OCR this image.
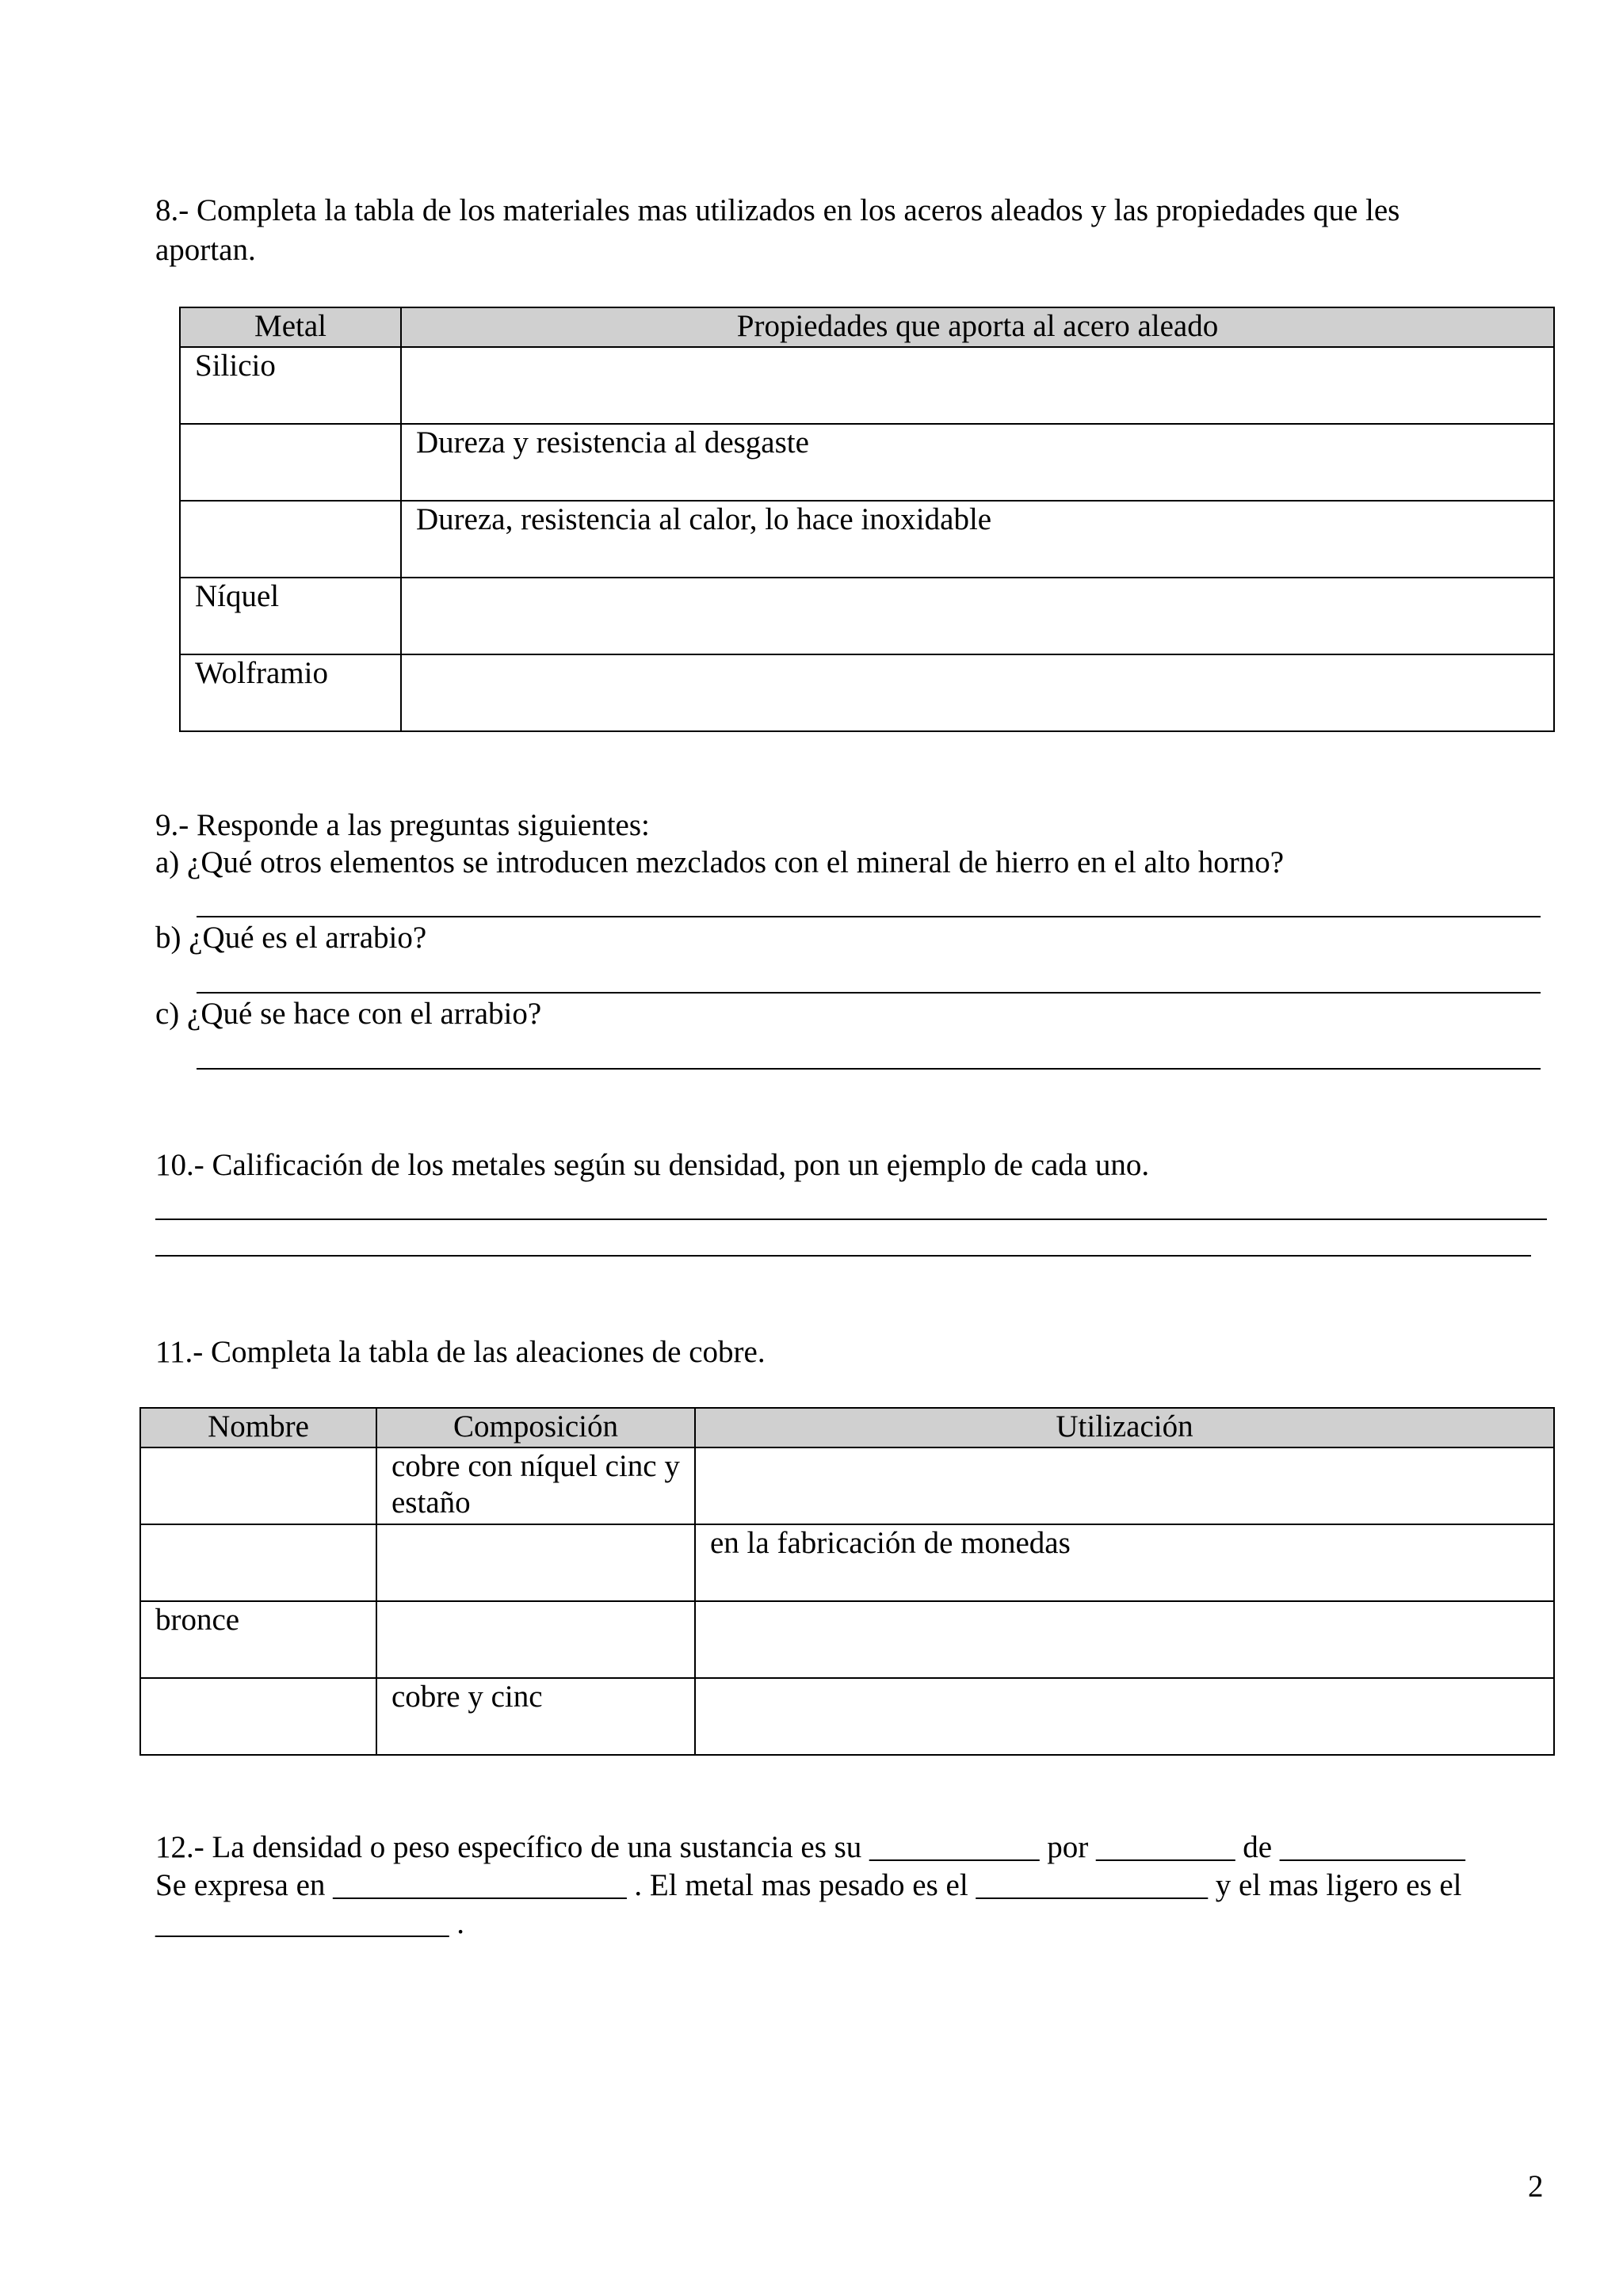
8.- Completa la tabla de los materiales mas utilizados en los aceros aleados y las propiedades que les

aportan.

Metal	Propiedades que aporta al acero aleado
Silicio	
	Dureza y resistencia al desgaste
	Dureza, resistencia al calor, lo hace inoxidable
Níquel	
Wolframio	

9.- Responde a las preguntas siguientes:

a) ¿Qué otros elementos se introducen mezclados con el mineral de hierro en el alto horno?

b) ¿Qué es el arrabio?

c) ¿Qué se hace con el arrabio?

10.- Calificación de los metales según su densidad, pon un ejemplo de cada uno.

11.- Completa la tabla de las aleaciones de cobre.

Nombre	Composición	Utilización
	cobre con níquel cinc y estaño	
		en la fabricación de monedas
bronce		
	cobre y cinc	

12.- La densidad o peso específico de una sustancia es su ___________ por _________ de ____________

Se expresa en ___________________ . El metal mas pesado es el _______________ y el mas ligero es el

___________________ .

2
